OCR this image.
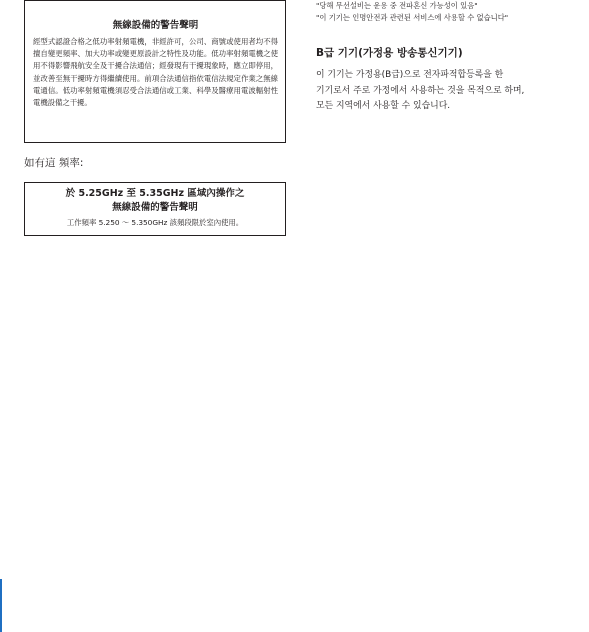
無線設備的警告聲明
經型式認證合格之低功率射頻電機，非經許可，公司、商號或使用者均不得擅自變更頻率、加大功率或變更原設計之特性及功能。低功率射頻電機之使用不得影響飛航安全及干擾合法通信；經發現有干擾現象時，應立即停用，並改善至無干擾時方得繼續使用。前項合法通信指依電信法規定作業之無線電通信。低功率射頻電機須忍受合法通信或工業、科學及醫療用電波輻射性電機設備之干擾。
如有這 頻率:
於 5.25GHz 至 5.35GHz 區域內操作之
無線設備的警告聲明
工作頻率 5.250 ～ 5.350GHz 該頻段限於室內使用。
"당해 무선설비는 운용 중 전파혼신 가능성이 있음"
"이 기기는 인명안전과 관련된 서비스에 사용할 수 없습니다"
B급 기기(가정용 방송통신기기)
이 기기는 가정용(B급)으로 전자파적합등록을 한
기기로서 주로 가정에서 사용하는 것을 목적으로 하며,
모든 지역에서 사용할 수 있습니다.
